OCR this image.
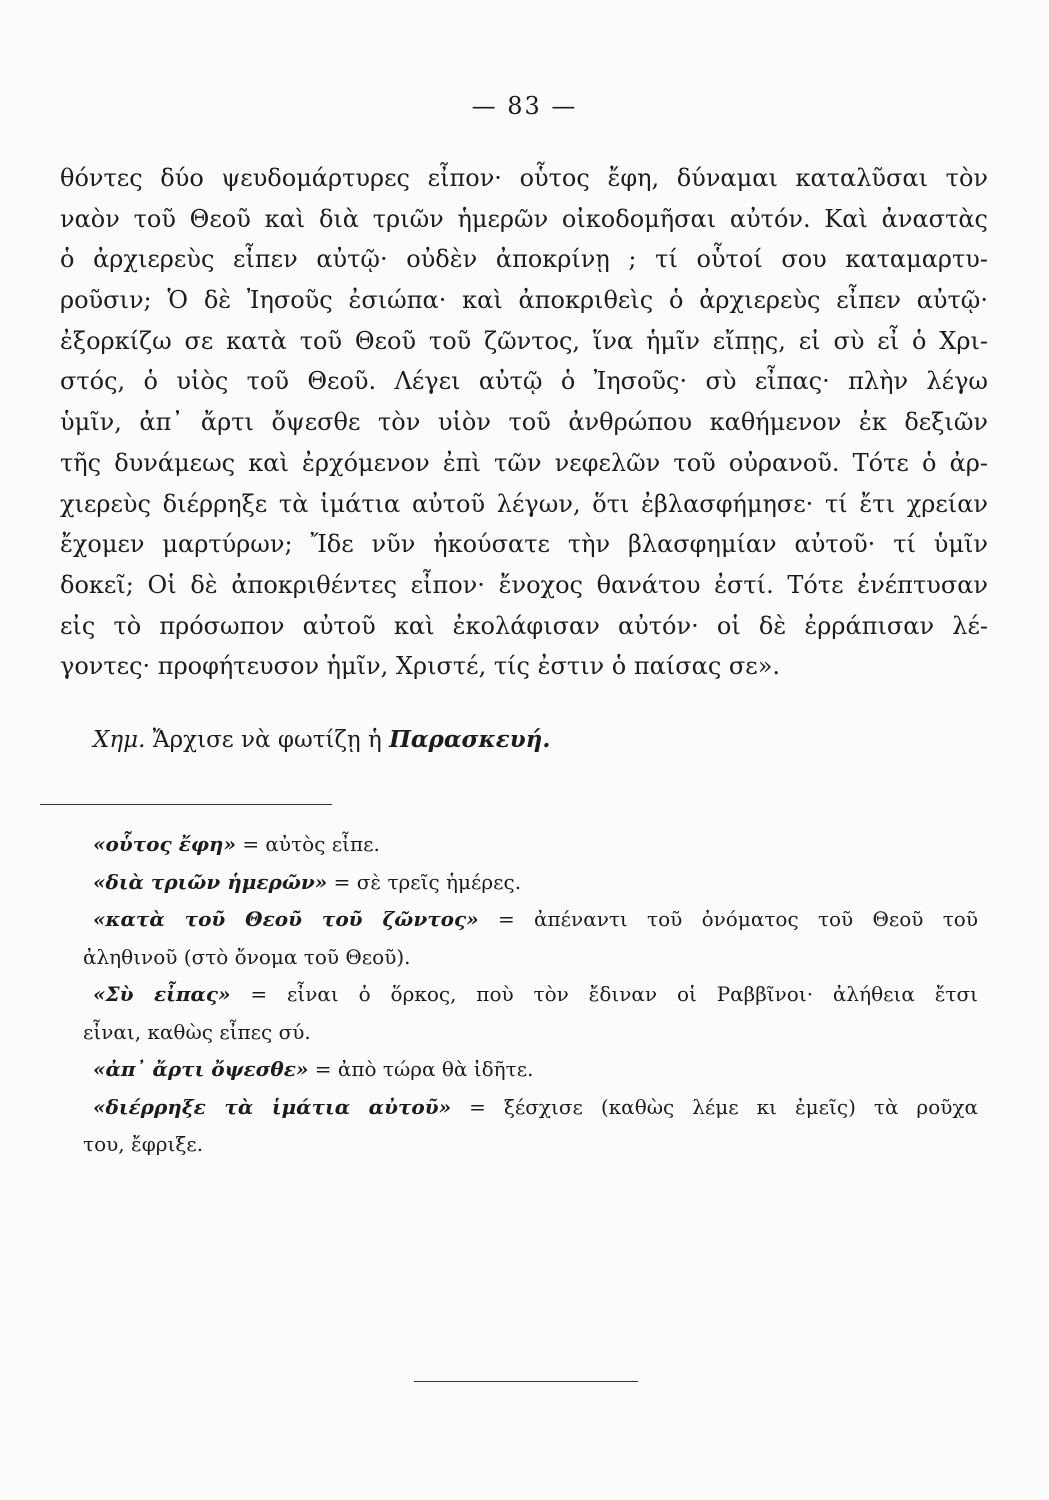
— 83 —
θόντες δύο ψευδομάρτυρες εἶπον· οὗτος ἔφη, δύναμαι καταλῦσαι τὸν
ναὸν τοῦ Θεοῦ καὶ διὰ τριῶν ἡμερῶν οἰκοδομῆσαι αὐτόν. Καὶ ἀναστὰς
ὁ ἀρχιερεὺς εἶπεν αὐτῷ· οὐδὲν ἀποκρίνῃ ; τί οὗτοί σου καταμαρτυ-
ροῦσιν; Ὁ δὲ Ἰησοῦς ἐσιώπα· καὶ ἀποκριθεὶς ὁ ἀρχιερεὺς εἶπεν αὐτῷ·
ἐξορκίζω σε κατὰ τοῦ Θεοῦ τοῦ ζῶντος, ἵνα ἡμῖν εἴπῃς, εἰ σὺ εἶ ὁ Χρι-
στός, ὁ υἱὸς τοῦ Θεοῦ. Λέγει αὐτῷ ὁ Ἰησοῦς· σὺ εἶπας· πλὴν λέγω
ὑμῖν, ἀπ᾿ ἄρτι ὄψεσθε τὸν υἱὸν τοῦ ἀνθρώπου καθήμενον ἐκ δεξιῶν
τῆς δυνάμεως καὶ ἐρχόμενον ἐπὶ τῶν νεφελῶν τοῦ οὐρανοῦ. Τότε ὁ ἀρ-
χιερεὺς διέρρηξε τὰ ἱμάτια αὐτοῦ λέγων, ὅτι ἐβλασφήμησε· τί ἔτι χρείαν
ἔχομεν μαρτύρων; Ἴδε νῦν ἠκούσατε τὴν βλασφημίαν αὐτοῦ· τί ὑμῖν
δοκεῖ; Οἱ δὲ ἀποκριθέντες εἶπον· ἔνοχος θανάτου ἐστί. Τότε ἐνέπτυσαν
εἰς τὸ πρόσωπον αὐτοῦ καὶ ἐκολάφισαν αὐτόν· οἱ δὲ ἐρράπισαν λέ-
γοντες· προφήτευσον ἡμῖν, Χριστέ, τίς ἐστιν ὁ παίσας σε».
Χημ. Ἄρχισε νὰ φωτίζῃ ἡ Παρασκευή.
«οὗτος ἔφη» = αὐτὸς εἶπε.
«διὰ τριῶν ἡμερῶν» = σὲ τρεῖς ἡμέρες.
«κατὰ τοῦ Θεοῦ τοῦ ζῶντος» = ἀπέναντι τοῦ ὀνόματος τοῦ Θεοῦ τοῦ
ἀληθινοῦ (στὸ ὄνομα τοῦ Θεοῦ).
«Σὺ εἶπας» = εἶναι ὁ ὅρκος, ποὺ τὸν ἔδιναν οἱ Ραββῖνοι· ἀλήθεια ἔτσι
εἶναι, καθὼς εἶπες σύ.
«ἀπ᾿ ἄρτι ὄψεσθε» = ἀπὸ τώρα θὰ ἰδῆτε.
«διέρρηξε τὰ ἱμάτια αὐτοῦ» = ξέσχισε (καθὼς λέμε κι ἐμεῖς) τὰ ροῦχα
του, ἔφριξε.
